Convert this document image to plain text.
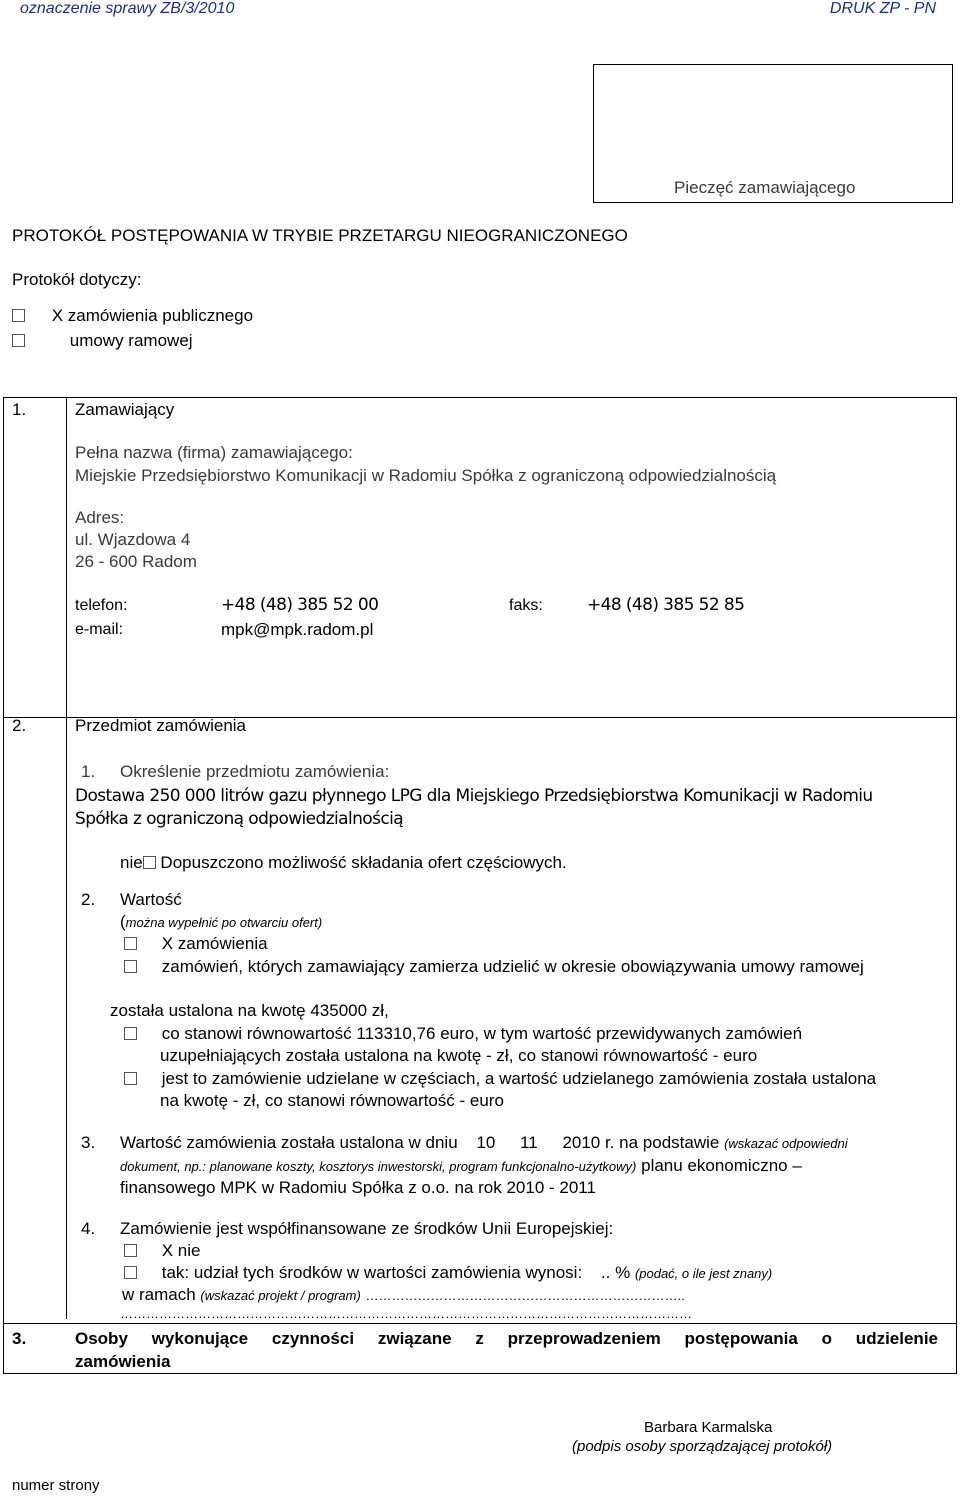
oznaczenie sprawy ZB/3/2010	DRUK ZP - PN
Pieczęć zamawiającego
PROTOKÓŁ POSTĘPOWANIA W TRYBIE PRZETARGU NIEOGRANICZONEGO
Protokół dotyczy:
X zamówienia publicznego
umowy ramowej
1.	Zamawiający
Pełna nazwa (firma) zamawiającego:
Miejskie Przedsiębiorstwo Komunikacji w Radomiu Spółka z ograniczoną odpowiedzialnością
Adres:
ul. Wjazdowa 4
26 - 600 Radom
telefon:	+48 (48) 385 52 00	faks:	+48 (48) 385 52 85
e-mail:	mpk@mpk.radom.pl
2.	Przedmiot zamówienia
1. Określenie przedmiotu zamówienia:
Dostawa 250 000 litrów gazu płynnego LPG dla Miejskiego Przedsiębiorstwa Komunikacji w Radomiu
Spółka z ograniczoną odpowiedzialnością
nie Dopuszczono możliwość składania ofert częściowych.
2. Wartość
(można wypełnić po otwarciu ofert)
X zamówienia
zamówień, których zamawiający zamierza udzielić w okresie obowiązywania umowy ramowej
została ustalona na kwotę 435000 zł,
co stanowi równowartość 113310,76 euro, w tym wartość przewidywanych zamówień
uzupełniających została ustalona na kwotę - zł, co stanowi równowartość - euro
jest to zamówienie udzielane w częściach, a wartość udzielanego zamówienia została ustalona
na kwotę - zł, co stanowi równowartość - euro
3. Wartość zamówienia została ustalona w dniu 10 11 2010 r. na podstawie (wskazać odpowiedni
dokument, np.: planowane koszty, kosztorys inwestorski, program funkcjonalno-użytkowy) planu ekonomiczno –
finansowego MPK w Radomiu Spółka z o.o. na rok 2010 - 2011
4. Zamówienie jest współfinansowane ze środków Unii Europejskiej:
X nie
tak: udział tych środków w wartości zamówienia wynosi: .. % (podać, o ile jest znany)
w ramach (wskazać projekt / program) ………………………………………………………………..
……………………………………………………………………………………………………………………
3.	Osoby wykonujące czynności związane z przeprowadzeniem postępowania o udzielenie
zamówienia
Barbara Karmalska
(podpis osoby sporządzającej protokół)
numer strony
